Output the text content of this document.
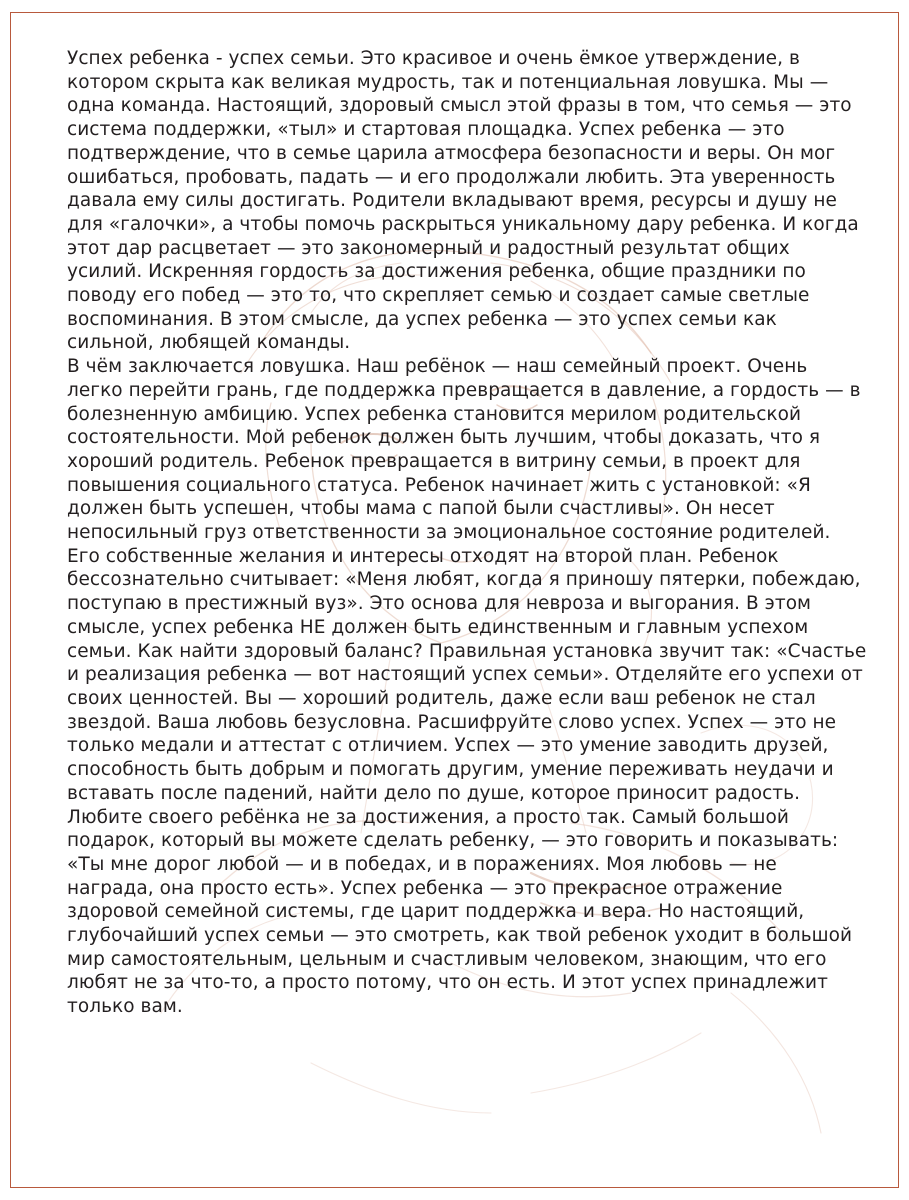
Успех ребенка - успех семьи. Это красивое и очень ёмкое утверждение, в котором скрыта как великая мудрость, так и потенциальная ловушка. Мы — одна команда. Настоящий, здоровый смысл этой фразы в том, что семья — это система поддержки, «тыл» и стартовая площадка. Успех ребенка — это подтверждение, что в семье царила атмосфера безопасности и веры. Он мог ошибаться, пробовать, падать — и его продолжали любить. Эта уверенность давала ему силы достигать. Родители вкладывают время, ресурсы и душу не для «галочки», а чтобы помочь раскрыться уникальному дару ребенка. И когда этот дар расцветает — это закономерный и радостный результат общих усилий. Искренняя гордость за достижения ребенка, общие праздники по поводу его побед — это то, что скрепляет семью и создает самые светлые воспоминания. В этом смысле, да успех ребенка — это успех семьи как сильной, любящей команды.

В чём заключается ловушка. Наш ребёнок — наш семейный проект. Очень легко перейти грань, где поддержка превращается в давление, а гордость — в болезненную амбицию. Успех ребенка становится мерилом родительской состоятельности. Мой ребенок должен быть лучшим, чтобы доказать, что я хороший родитель. Ребенок превращается в витрину семьи, в проект для повышения социального статуса. Ребенок начинает жить с установкой: «Я должен быть успешен, чтобы мама с папой были счастливы». Он несет непосильный груз ответственности за эмоциональное состояние родителей. Его собственные желания и интересы отходят на второй план. Ребенок бессознательно считывает: «Меня любят, когда я приношу пятерки, побеждаю, поступаю в престижный вуз». Это основа для невроза и выгорания. В этом смысле, успех ребенка НЕ должен быть единственным и главным успехом семьи. Как найти здоровый баланс? Правильная установка звучит так: «Счастье и реализация ребенка — вот настоящий успех семьи». Отделяйте его успехи от своих ценностей. Вы — хороший родитель, даже если ваш ребенок не стал звездой. Ваша любовь безусловна. Расшифруйте слово успех. Успех — это не только медали и аттестат с отличием. Успех — это умение заводить друзей, способность быть добрым и помогать другим, умение переживать неудачи и вставать после падений, найти дело по душе, которое приносит радость.

Любите своего ребёнка не за достижения, а просто так. Самый большой подарок, который вы можете сделать ребенку, — это говорить и показывать: «Ты мне дорог любой — и в победах, и в поражениях. Моя любовь — не награда, она просто есть». Успех ребенка — это прекрасное отражение здоровой семейной системы, где царит поддержка и вера. Но настоящий, глубочайший успех семьи — это смотреть, как твой ребенок уходит в большой мир самостоятельным, цельным и счастливым человеком, знающим, что его любят не за что-то, а просто потому, что он есть. И этот успех принадлежит только вам.
